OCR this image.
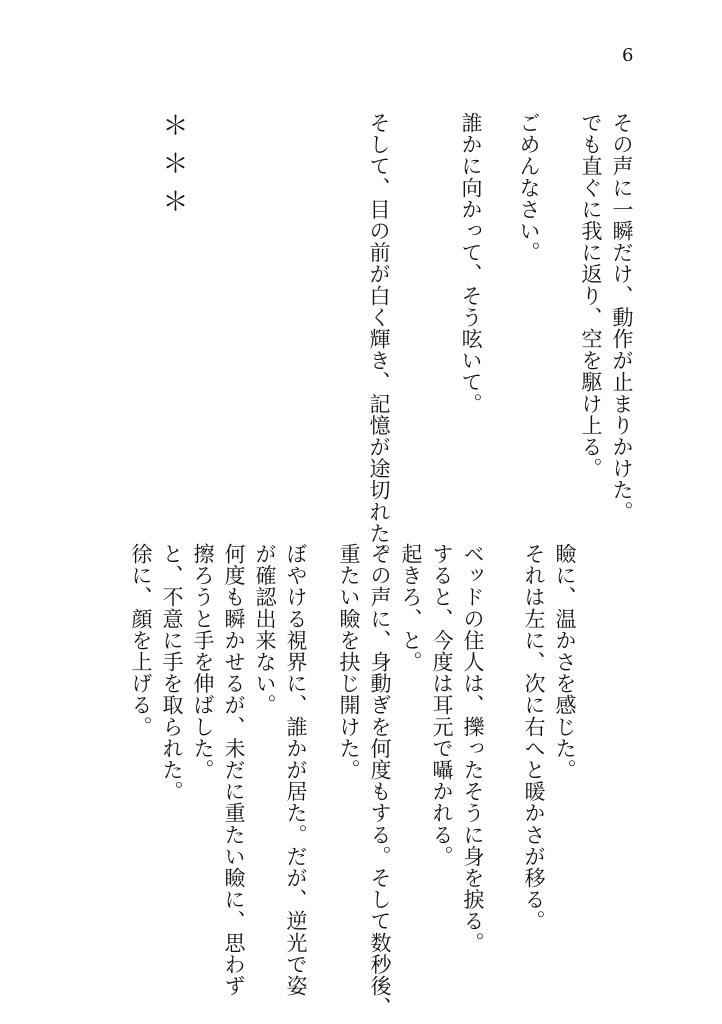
6

その声に一瞬だけ、動作が止まりかけた。

でも直ぐに我に返り、空を駆け上る。

ごめんなさい。

誰かに向かって、そう呟いて。

そして、目の前が白く輝き、記憶が途切れた。

＊＊＊

瞼に、温かさを感じた。

それは左に、次に右へと暖かさが移る。

ベッドの住人は、擽ったそうに身を捩る。

すると、今度は耳元で囁かれる。

起きろ、と。

その声に、身動ぎを何度もする。そして数秒後、

重たい瞼を抉じ開けた。

ぼやける視界に、誰かが居た。だが、逆光で姿

が確認出来ない。

何度も瞬かせるが、未だに重たい瞼に、思わず

擦ろうと手を伸ばした。

と、不意に手を取られた。

徐に、顔を上げる。
